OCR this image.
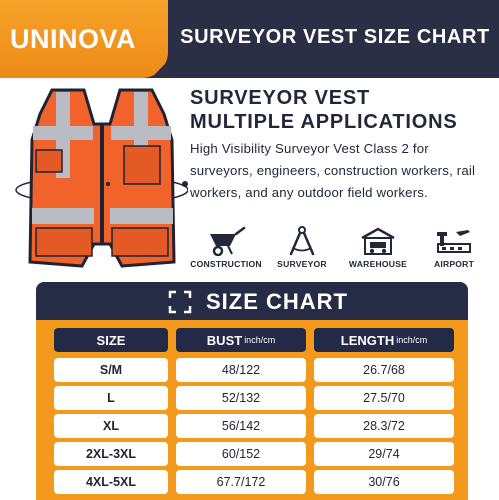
UNINOVA	SURVEYOR VEST SIZE CHART
SURVEYOR VEST
MULTIPLE APPLICATIONS
High Visibility Surveyor Vest Class 2 for surveyors, engineers, construction workers, rail workers, and any outdoor field workers.
CONSTRUCTION	SURVEYOR	WAREHOUSE	AIRPORT
SIZE CHART
SIZE	BUST inch/cm	LENGTH inch/cm
S/M	48/122	26.7/68
L	52/132	27.5/70
XL	56/142	28.3/72
2XL-3XL	60/152	29/74
4XL-5XL	67.7/172	30/76
